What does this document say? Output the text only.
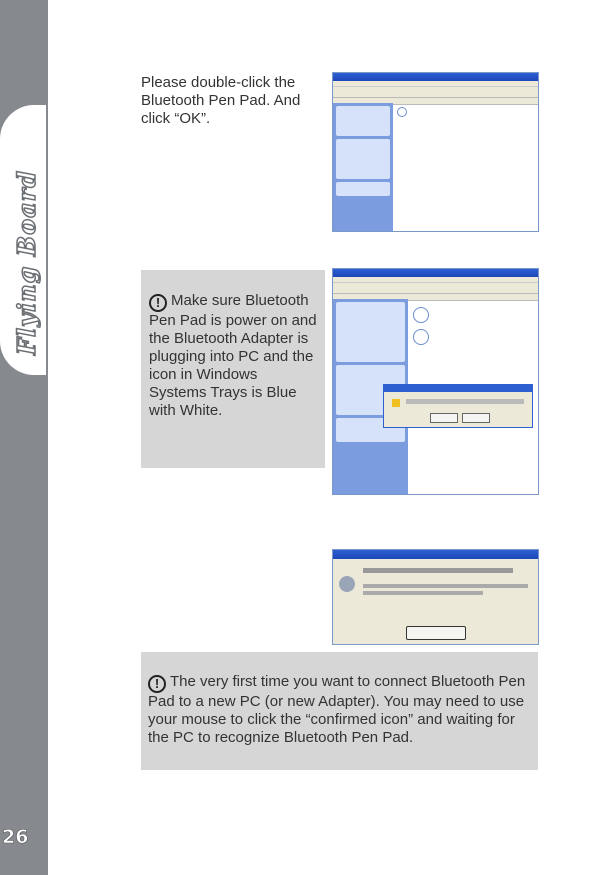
Flying Board
26
Please double-click the Bluetooth Pen Pad. And click “OK”.
! Make sure Bluetooth Pen Pad is power on and the Bluetooth Adapter is plugging into PC and the icon in Windows Systems Trays is Blue with White.
! The very first time you want to connect Bluetooth Pen Pad to a new PC (or new Adapter). You may need to use your mouse to click the “confirmed icon” and waiting for the PC to recognize Bluetooth Pen Pad.
